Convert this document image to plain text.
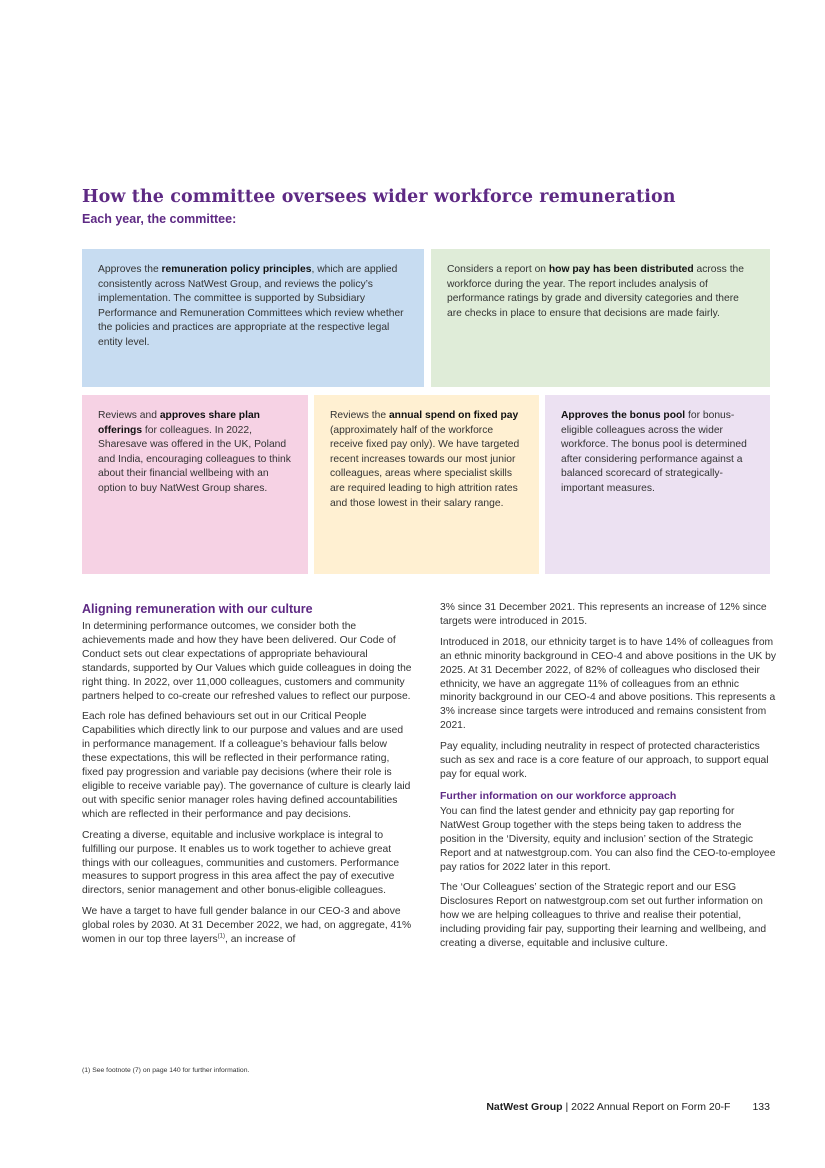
How the committee oversees wider workforce remuneration
Each year, the committee:

Approves the remuneration policy principles, which are applied consistently across NatWest Group, and reviews the policy’s implementation. The committee is supported by Subsidiary Performance and Remuneration Committees which review whether the policies and practices are appropriate at the respective legal entity level.

Considers a report on how pay has been distributed across the workforce during the year. The report includes analysis of performance ratings by grade and diversity categories and there are checks in place to ensure that decisions are made fairly.

Reviews and approves share plan offerings for colleagues. In 2022, Sharesave was offered in the UK, Poland and India, encouraging colleagues to think about their financial wellbeing with an option to buy NatWest Group shares.

Reviews the annual spend on fixed pay (approximately half of the workforce receive fixed pay only). We have targeted recent increases towards our most junior colleagues, areas where specialist skills are required leading to high attrition rates and those lowest in their salary range.

Approves the bonus pool for bonus-eligible colleagues across the wider workforce. The bonus pool is determined after considering performance against a balanced scorecard of strategically-important measures.

Aligning remuneration with our culture

In determining performance outcomes, we consider both the achievements made and how they have been delivered. Our Code of Conduct sets out clear expectations of appropriate behavioural standards, supported by Our Values which guide colleagues in doing the right thing. In 2022, over 11,000 colleagues, customers and community partners helped to co-create our refreshed values to reflect our purpose.

Each role has defined behaviours set out in our Critical People Capabilities which directly link to our purpose and values and are used in performance management. If a colleague’s behaviour falls below these expectations, this will be reflected in their performance rating, fixed pay progression and variable pay decisions (where their role is eligible to receive variable pay). The governance of culture is clearly laid out with specific senior manager roles having defined accountabilities which are reflected in their performance and pay decisions.

Creating a diverse, equitable and inclusive workplace is integral to fulfilling our purpose. It enables us to work together to achieve great things with our colleagues, communities and customers. Performance measures to support progress in this area affect the pay of executive directors, senior management and other bonus-eligible colleagues.

We have a target to have full gender balance in our CEO-3 and above global roles by 2030. At 31 December 2022, we had, on aggregate, 41% women in our top three layers$^{(1)}$, an increase of

3% since 31 December 2021. This represents an increase of 12% since targets were introduced in 2015.

Introduced in 2018, our ethnicity target is to have 14% of colleagues from an ethnic minority background in CEO-4 and above positions in the UK by 2025. At 31 December 2022, of 82% of colleagues who disclosed their ethnicity, we have an aggregate 11% of colleagues from an ethnic minority background in our CEO-4 and above positions. This represents a 3% increase since targets were introduced and remains consistent from 2021.

Pay equality, including neutrality in respect of protected characteristics such as sex and race is a core feature of our approach, to support equal pay for equal work.

Further information on our workforce approach

You can find the latest gender and ethnicity pay gap reporting for NatWest Group together with the steps being taken to address the position in the ‘Diversity, equity and inclusion’ section of the Strategic Report and at natwestgroup.com. You can also find the CEO-to-employee pay ratios for 2022 later in this report.

The ‘Our Colleagues’ section of the Strategic report and our ESG Disclosures Report on natwestgroup.com set out further information on how we are helping colleagues to thrive and realise their potential, including providing fair pay, supporting their learning and wellbeing, and creating a diverse, equitable and inclusive culture.

(1) See footnote (7) on page 140 for further information.
NatWest Group | 2022 Annual Report on Form 20-F 133
